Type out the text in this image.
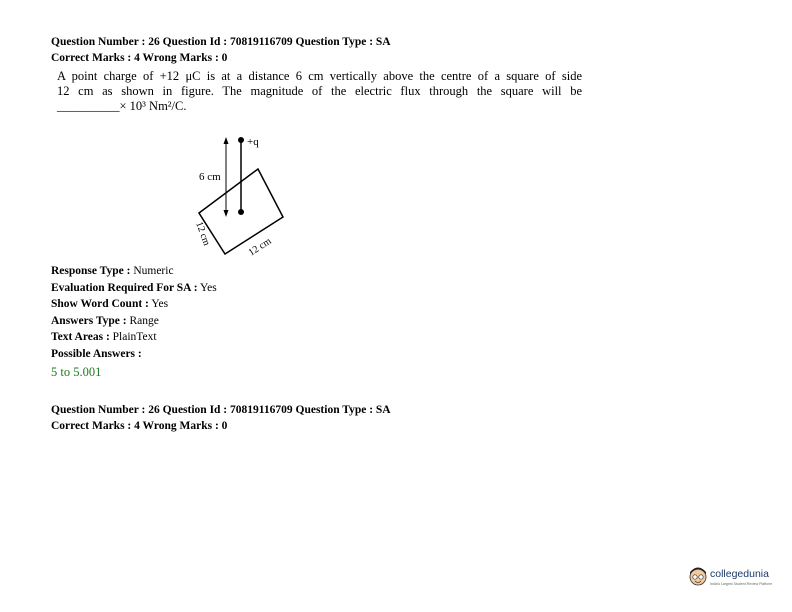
Question Number : 26 Question Id : 70819116709 Question Type : SA
Correct Marks : 4 Wrong Marks : 0
A point charge of +12 μC is at a distance 6 cm vertically above the centre of a square of side
12 cm as shown in figure. The magnitude of the electric flux through the square will be
__________× 10³ Nm²/C.
+q
6 cm
12 cm	12 cm
Response Type : Numeric
Evaluation Required For SA : Yes
Show Word Count : Yes
Answers Type : Range
Text Areas : PlainText
Possible Answers :
5 to 5.001
Question Number : 26 Question Id : 70819116709 Question Type : SA
Correct Marks : 4 Wrong Marks : 0
collegedunia
India's Largest Student Review Platform
